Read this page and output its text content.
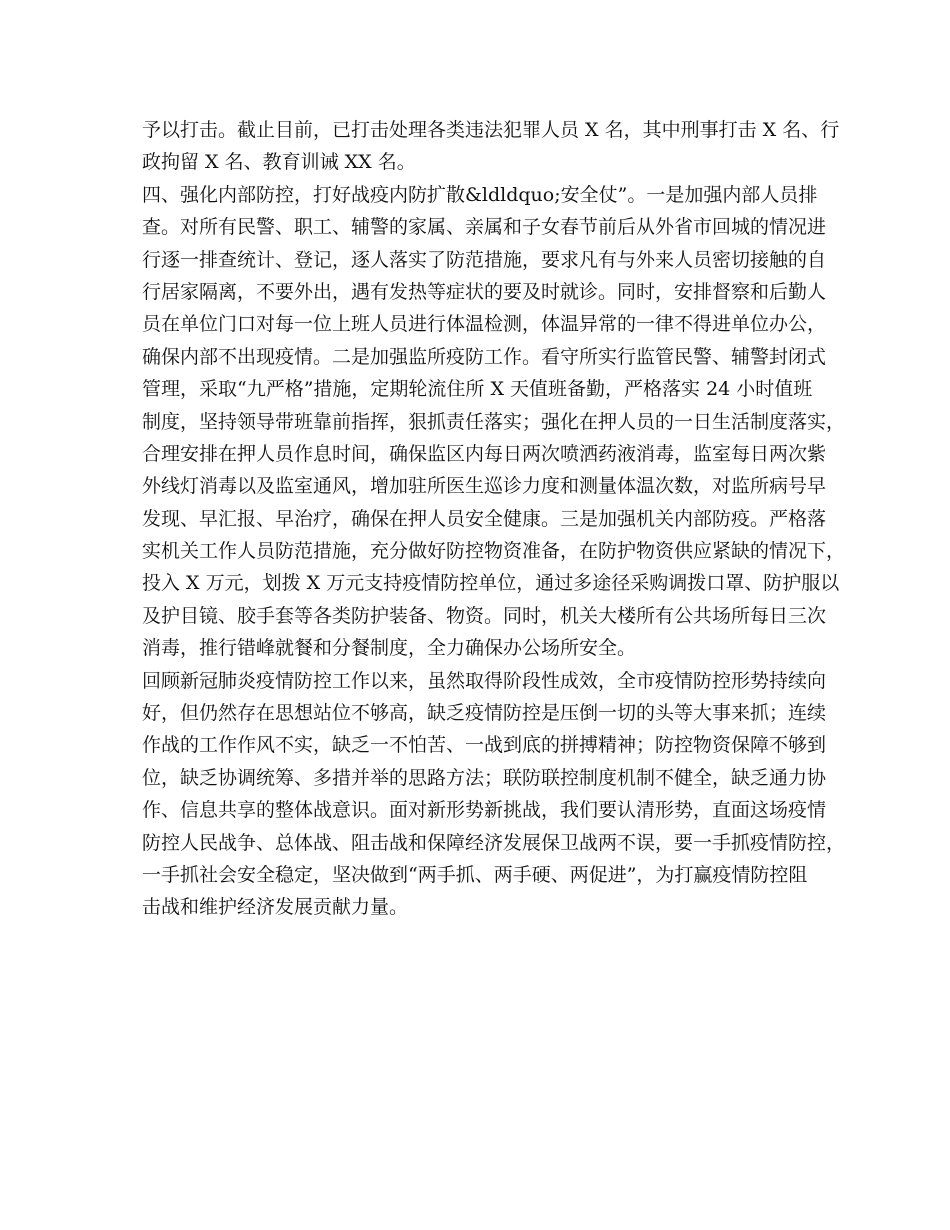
予以打击。截止目前，已打击处理各类违法犯罪人员 X 名，其中刑事打击 X 名、行
政拘留 X 名、教育训诫 XX 名。
四、强化内部防控，打好战疫内防扩散&ldldquo;安全仗”。一是加强内部人员排
查。对所有民警、职工、辅警的家属、亲属和子女春节前后从外省市回城的情况进
行逐一排查统计、登记，逐人落实了防范措施，要求凡有与外来人员密切接触的自
行居家隔离，不要外出，遇有发热等症状的要及时就诊。同时，安排督察和后勤人
员在单位门口对每一位上班人员进行体温检测，体温异常的一律不得进单位办公，
确保内部不出现疫情。二是加强监所疫防工作。看守所实行监管民警、辅警封闭式
管理，采取“九严格”措施，定期轮流住所 X 天值班备勤，严格落实 24 小时值班
制度，坚持领导带班靠前指挥，狠抓责任落实；强化在押人员的一日生活制度落实，
合理安排在押人员作息时间，确保监区内每日两次喷洒药液消毒，监室每日两次紫
外线灯消毒以及监室通风，增加驻所医生巡诊力度和测量体温次数，对监所病号早
发现、早汇报、早治疗，确保在押人员安全健康。三是加强机关内部防疫。严格落
实机关工作人员防范措施，充分做好防控物资准备，在防护物资供应紧缺的情况下，
投入 X 万元，划拨 X 万元支持疫情防控单位，通过多途径采购调拨口罩、防护服以
及护目镜、胶手套等各类防护装备、物资。同时，机关大楼所有公共场所每日三次
消毒，推行错峰就餐和分餐制度，全力确保办公场所安全。
回顾新冠肺炎疫情防控工作以来，虽然取得阶段性成效，全市疫情防控形势持续向
好，但仍然存在思想站位不够高，缺乏疫情防控是压倒一切的头等大事来抓；连续
作战的工作作风不实，缺乏一不怕苦、一战到底的拼搏精神；防控物资保障不够到
位，缺乏协调统筹、多措并举的思路方法；联防联控制度机制不健全，缺乏通力协
作、信息共享的整体战意识。面对新形势新挑战，我们要认清形势，直面这场疫情
防控人民战争、总体战、阻击战和保障经济发展保卫战两不误，要一手抓疫情防控，
一手抓社会安全稳定，坚决做到“两手抓、两手硬、两促进”，为打赢疫情防控阻
击战和维护经济发展贡献力量。
